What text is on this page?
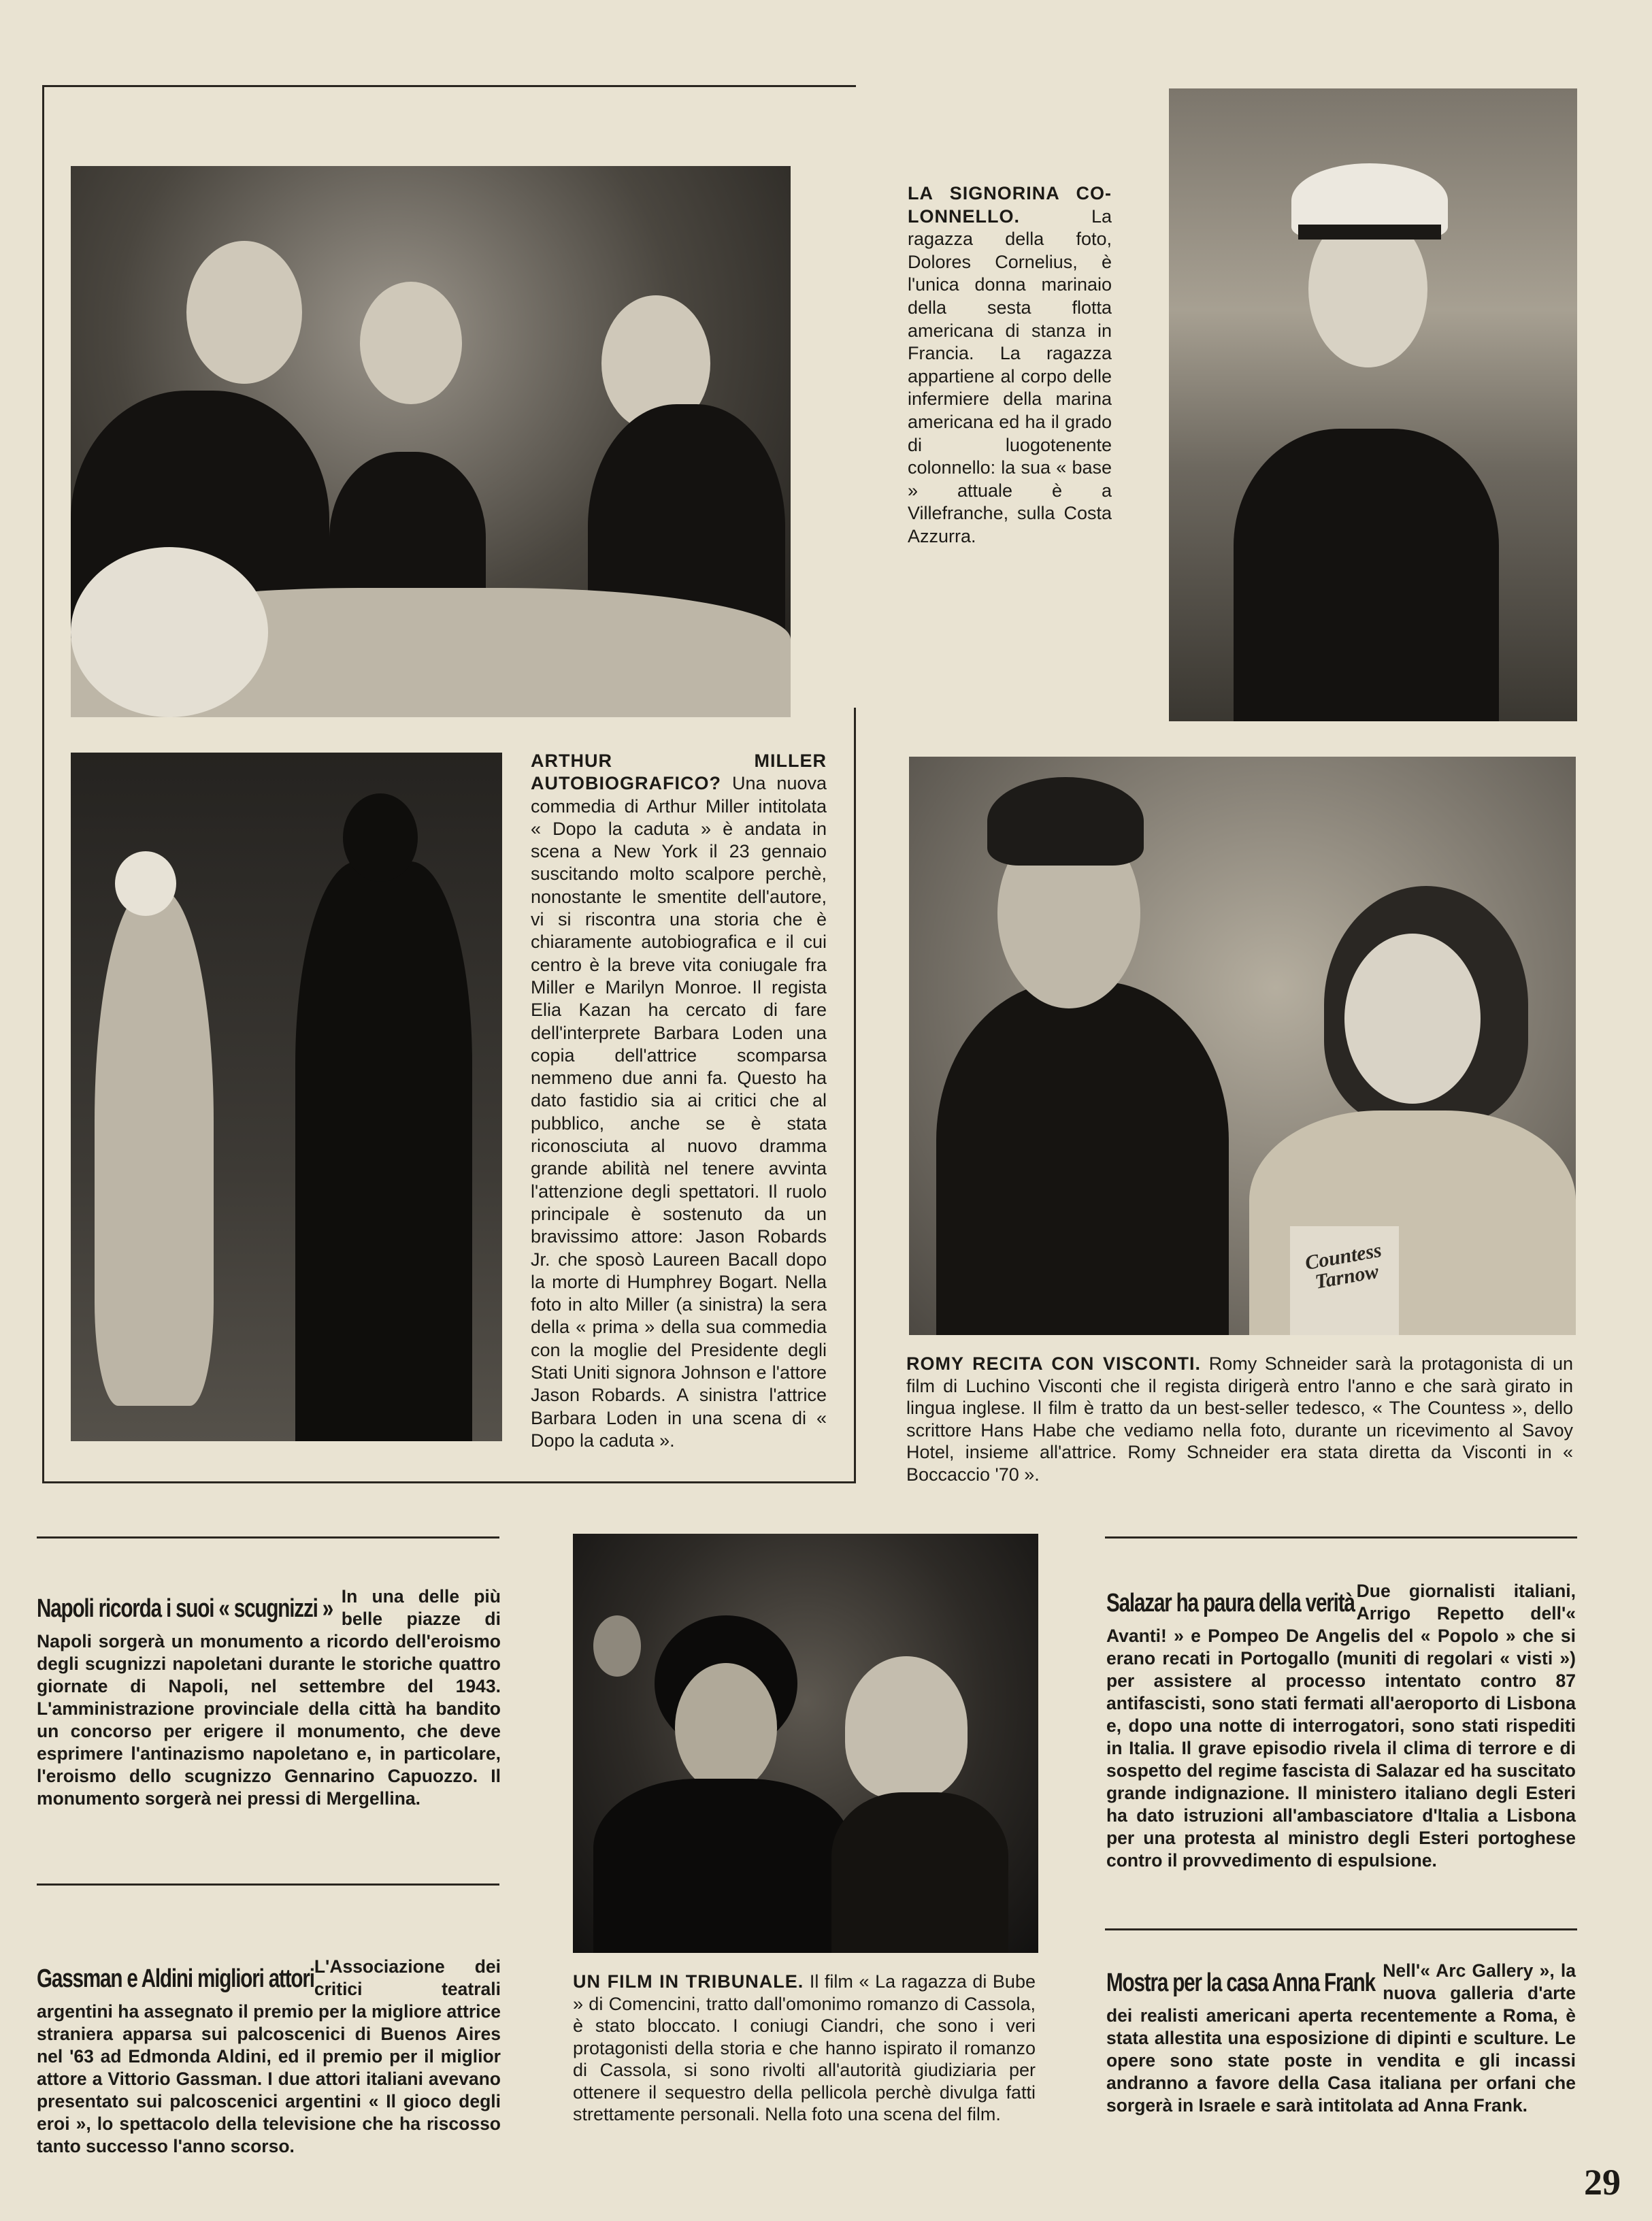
Countess Tarnow

LA SIGNORINA CO-LONNELLO.	La ragazza della foto, Dolores Cornelius, è l'unica donna marinaio della sesta flotta americana di stanza in Francia. La ragazza appartiene al corpo delle infermiere della marina americana ed ha il grado di luogotenente colonnello: la sua « base » attuale è a Villefranche, sulla Costa Azzurra.

ARTHUR MILLER AUTOBIOGRAFICO? Una nuova commedia di Arthur Miller intitolata « Dopo la caduta » è andata in scena a New York il 23 gennaio suscitando molto scalpore perchè, nonostante le smentite dell'autore, vi si riscontra una storia che è chiaramente autobiografica e il cui centro è la breve vita coniugale fra Miller e Marilyn Monroe. Il regista Elia Kazan ha cercato di fare dell'interprete Barbara Loden una copia dell'attrice scomparsa nemmeno due anni fa. Questo ha dato fastidio sia ai critici che al pubblico, anche se è stata riconosciuta al nuovo dramma grande abilità nel tenere avvinta l'attenzione degli spettatori. Il ruolo principale è sostenuto da un bravissimo attore: Jason Robards Jr. che sposò Laureen Bacall dopo la morte di Humphrey Bogart. Nella foto in alto Miller (a sinistra) la sera della « prima » della sua commedia con la moglie del Presidente degli Stati Uniti signora Johnson e l'attore Jason Robards. A sinistra l'attrice Barbara Loden in una scena di « Dopo la caduta ».

ROMY RECITA CON VISCONTI. Romy Schneider sarà la protagonista di un film di Luchino Visconti che il regista dirigerà entro l'anno e che sarà girato in lingua inglese. Il film è tratto da un best-seller tedesco, « The Countess », dello scrittore Hans Habe che vediamo nella foto, durante un ricevimento al Savoy Hotel, insieme all'attrice. Romy Schneider era stata diretta da Visconti in « Boccaccio '70 ».

UN FILM IN TRIBUNALE. Il film « La ragazza di Bube » di Comencini, tratto dall'omonimo romanzo di Cassola, è stato bloccato. I coniugi Ciandri, che sono i veri protagonisti della storia e che hanno ispirato il romanzo di Cassola, si sono rivolti all'autorità giudiziaria per ottenere il sequestro della pellicola perchè divulga fatti strettamente personali. Nella foto una scena del film.

Napoli ricorda i suoi « scugnizzi » In una delle più belle piazze di Napoli sorgerà un monumento a ricordo dell'eroismo degli scugnizzi napoletani durante le storiche quattro giornate di Napoli, nel settembre del 1943. L'amministrazione provinciale della città ha bandito un concorso per erigere il monumento, che deve esprimere l'antinazismo napoletano e, in particolare, l'eroismo dello scugnizzo Gennarino Capuozzo. Il monumento sorgerà nei pressi di Mergellina.
Gassman e Aldini migliori attori L'Associazione dei critici teatrali argentini ha assegnato il premio per la migliore attrice straniera apparsa sui palcoscenici di Buenos Aires nel '63 ad Edmonda Aldini, ed il premio per il miglior attore a Vittorio Gassman. I due attori italiani avevano presentato sui palcoscenici argentini « Il gioco degli eroi », lo spettacolo della televisione che ha riscosso tanto successo l'anno scorso.
Salazar ha paura della verità Due giornalisti italiani, Arrigo Repetto dell'« Avanti! » e Pompeo De Angelis del « Popolo » che si erano recati in Portogallo (muniti di regolari « visti ») per assistere al processo intentato contro 87 antifascisti, sono stati fermati all'aeroporto di Lisbona e, dopo una notte di interrogatori, sono stati rispediti in Italia. Il grave episodio rivela il clima di terrore e di sospetto del regime fascista di Salazar ed ha suscitato grande indignazione. Il ministero italiano degli Esteri ha dato istruzioni all'ambasciatore d'Italia a Lisbona per una protesta al ministro degli Esteri portoghese contro il provvedimento di espulsione.
Mostra per la casa Anna Frank Nell'« Arc Gallery », la nuova galleria d'arte dei realisti americani aperta recentemente a Roma, è stata allestita una esposizione di dipinti e sculture. Le opere sono state poste in vendita e gli incassi andranno a favore della Casa italiana per orfani che sorgerà in Israele e sarà intitolata ad Anna Frank.
29
